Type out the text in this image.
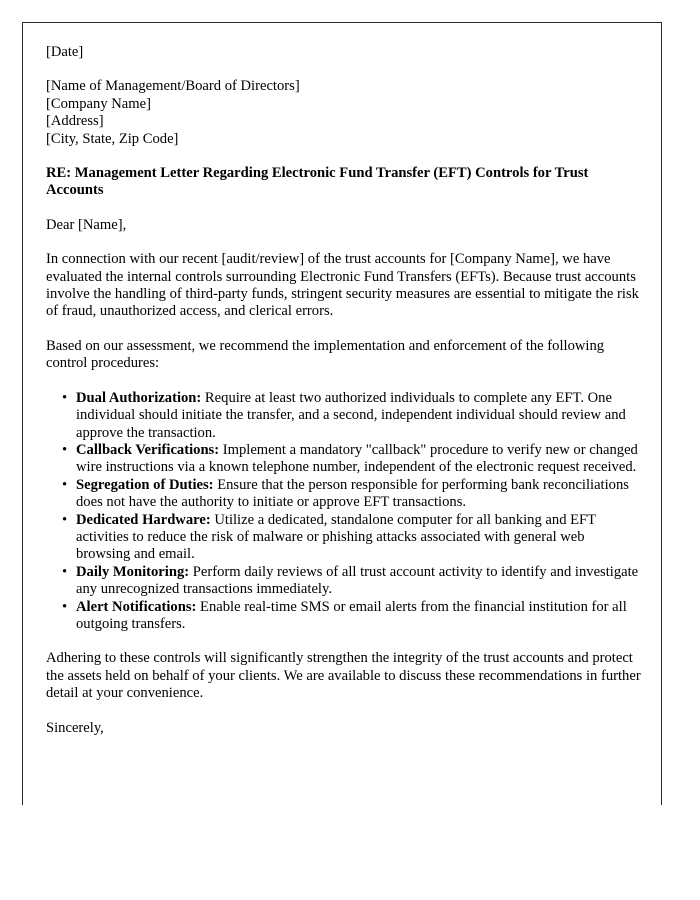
[Date]
[Name of Management/Board of Directors]
[Company Name]
[Address]
[City, State, Zip Code]

RE: Management Letter Regarding Electronic Fund Transfer (EFT) Controls for Trust Accounts

Dear [Name],

In connection with our recent [audit/review] of the trust accounts for [Company Name], we have evaluated the internal controls surrounding Electronic Fund Transfers (EFTs). Because trust accounts involve the handling of third-party funds, stringent security measures are essential to mitigate the risk of fraud, unauthorized access, and clerical errors.

Based on our assessment, we recommend the implementation and enforcement of the following control procedures:

• Dual Authorization: Require at least two authorized individuals to complete any EFT. One individual should initiate the transfer, and a second, independent individual should review and approve the transaction.
• Callback Verifications: Implement a mandatory "callback" procedure to verify new or changed wire instructions via a known telephone number, independent of the electronic request received.
• Segregation of Duties: Ensure that the person responsible for performing bank reconciliations does not have the authority to initiate or approve EFT transactions.
• Dedicated Hardware: Utilize a dedicated, standalone computer for all banking and EFT activities to reduce the risk of malware or phishing attacks associated with general web browsing and email.
• Daily Monitoring: Perform daily reviews of all trust account activity to identify and investigate any unrecognized transactions immediately.
• Alert Notifications: Enable real-time SMS or email alerts from the financial institution for all outgoing transfers.

Adhering to these controls will significantly strengthen the integrity of the trust accounts and protect the assets held on behalf of your clients. We are available to discuss these recommendations in further detail at your convenience.

Sincerely,
